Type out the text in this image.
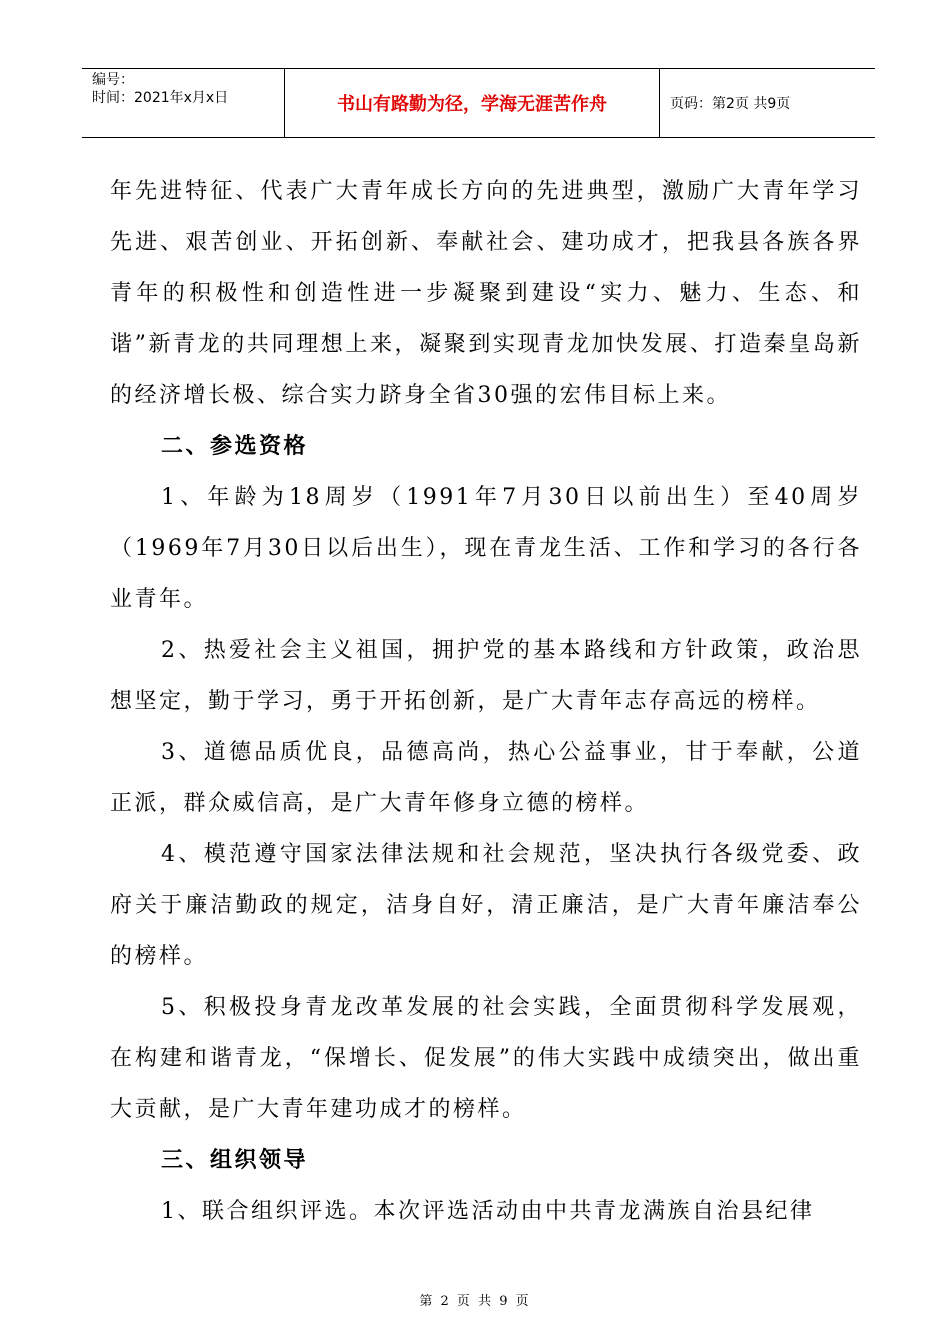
编号：
时间：2021年x月x日	书山有路勤为径，学海无涯苦作舟	页码：第2页 共9页

年先进特征、代表广大青年成长方向的先进典型，激励广大青年学习先进、艰苦创业、开拓创新、奉献社会、建功成才，把我县各族各界青年的积极性和创造性进一步凝聚到建设“实力、魅力、生态、和谐”新青龙的共同理想上来，凝聚到实现青龙加快发展、打造秦皇岛新的经济增长极、综合实力跻身全省30强的宏伟目标上来。

二、参选资格

1、年龄为18周岁（1991年7月30日以前出生）至40周岁（1969年7月30日以后出生），现在青龙生活、工作和学习的各行各业青年。

2、热爱社会主义祖国，拥护党的基本路线和方针政策，政治思想坚定，勤于学习，勇于开拓创新，是广大青年志存高远的榜样。

3、道德品质优良，品德高尚，热心公益事业，甘于奉献，公道正派，群众威信高，是广大青年修身立德的榜样。

4、模范遵守国家法律法规和社会规范，坚决执行各级党委、政府关于廉洁勤政的规定，洁身自好，清正廉洁，是广大青年廉洁奉公的榜样。

5、积极投身青龙改革发展的社会实践，全面贯彻科学发展观，在构建和谐青龙，“保增长、促发展”的伟大实践中成绩突出，做出重大贡献，是广大青年建功成才的榜样。

三、组织领导

1、联合组织评选。本次评选活动由中共青龙满族自治县纪律

第 2 页 共 9 页
